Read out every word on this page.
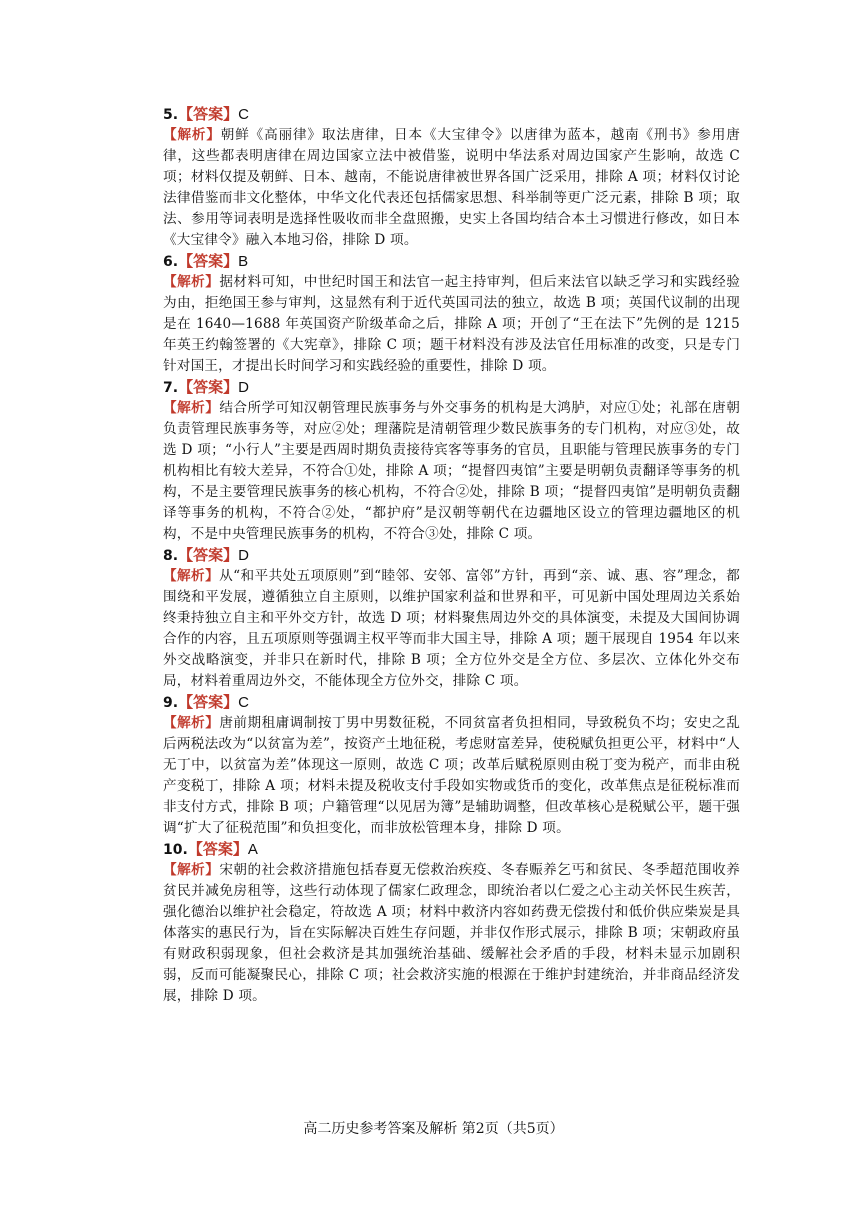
5.【答案】C

【解析】朝鲜《高丽律》取法唐律，日本《大宝律令》以唐律为蓝本，越南《刑书》参用唐律，这些都表明唐律在周边国家立法中被借鉴，说明中华法系对周边国家产生影响，故选 C 项；材料仅提及朝鲜、日本、越南，不能说唐律被世界各国广泛采用，排除 A 项；材料仅讨论法律借鉴而非文化整体，中华文化代表还包括儒家思想、科举制等更广泛元素，排除 B 项；取法、参用等词表明是选择性吸收而非全盘照搬，史实上各国均结合本土习惯进行修改，如日本《大宝律令》融入本地习俗，排除 D 项。

6.【答案】B

【解析】据材料可知，中世纪时国王和法官一起主持审判，但后来法官以缺乏学习和实践经验为由，拒绝国王参与审判，这显然有利于近代英国司法的独立，故选 B 项；英国代议制的出现是在 1640—1688 年英国资产阶级革命之后，排除 A 项；开创了“王在法下”先例的是 1215 年英王约翰签署的《大宪章》，排除 C 项；题干材料没有涉及法官任用标准的改变，只是专门针对国王，才提出长时间学习和实践经验的重要性，排除 D 项。

7.【答案】D

【解析】结合所学可知汉朝管理民族事务与外交事务的机构是大鸿胪，对应①处；礼部在唐朝负责管理民族事务等，对应②处；理藩院是清朝管理少数民族事务的专门机构，对应③处，故选 D 项；“小行人”主要是西周时期负责接待宾客等事务的官员，且职能与管理民族事务的专门机构相比有较大差异，不符合①处，排除 A 项；“提督四夷馆”主要是明朝负责翻译等事务的机构，不是主要管理民族事务的核心机构，不符合②处，排除 B 项；“提督四夷馆”是明朝负责翻译等事务的机构，不符合②处，“都护府”是汉朝等朝代在边疆地区设立的管理边疆地区的机构，不是中央管理民族事务的机构，不符合③处，排除 C 项。

8.【答案】D

【解析】从“和平共处五项原则”到“睦邻、安邻、富邻”方针，再到“亲、诚、惠、容”理念，都围绕和平发展，遵循独立自主原则，以维护国家利益和世界和平，可见新中国处理周边关系始终秉持独立自主和平外交方针，故选 D 项；材料聚焦周边外交的具体演变，未提及大国间协调合作的内容，且五项原则等强调主权平等而非大国主导，排除 A 项；题干展现自 1954 年以来外交战略演变，并非只在新时代，排除 B 项；全方位外交是全方位、多层次、立体化外交布局，材料着重周边外交，不能体现全方位外交，排除 C 项。

9.【答案】C

【解析】唐前期租庸调制按丁男中男数征税，不同贫富者负担相同，导致税负不均；安史之乱后两税法改为“以贫富为差”，按资产土地征税，考虑财富差异，使税赋负担更公平，材料中“人无丁中，以贫富为差”体现这一原则，故选 C 项；改革后赋税原则由税丁变为税产，而非由税产变税丁，排除 A 项；材料未提及税收支付手段如实物或货币的变化，改革焦点是征税标准而非支付方式，排除 B 项；户籍管理“以见居为簿”是辅助调整，但改革核心是税赋公平，题干强调“扩大了征税范围”和负担变化，而非放松管理本身，排除 D 项。

10.【答案】A

【解析】宋朝的社会救济措施包括春夏无偿救治疾疫、冬春赈养乞丐和贫民、冬季超范围收养贫民并减免房租等，这些行动体现了儒家仁政理念，即统治者以仁爱之心主动关怀民生疾苦，强化德治以维护社会稳定，符故选 A 项；材料中救济内容如药费无偿拨付和低价供应柴炭是具体落实的惠民行为，旨在实际解决百姓生存问题，并非仅作形式展示，排除 B 项；宋朝政府虽有财政积弱现象，但社会救济是其加强统治基础、缓解社会矛盾的手段，材料未显示加剧积弱，反而可能凝聚民心，排除 C 项；社会救济实施的根源在于维护封建统治，并非商品经济发展，排除 D 项。

高二历史参考答案及解析 第2页（共5页）
